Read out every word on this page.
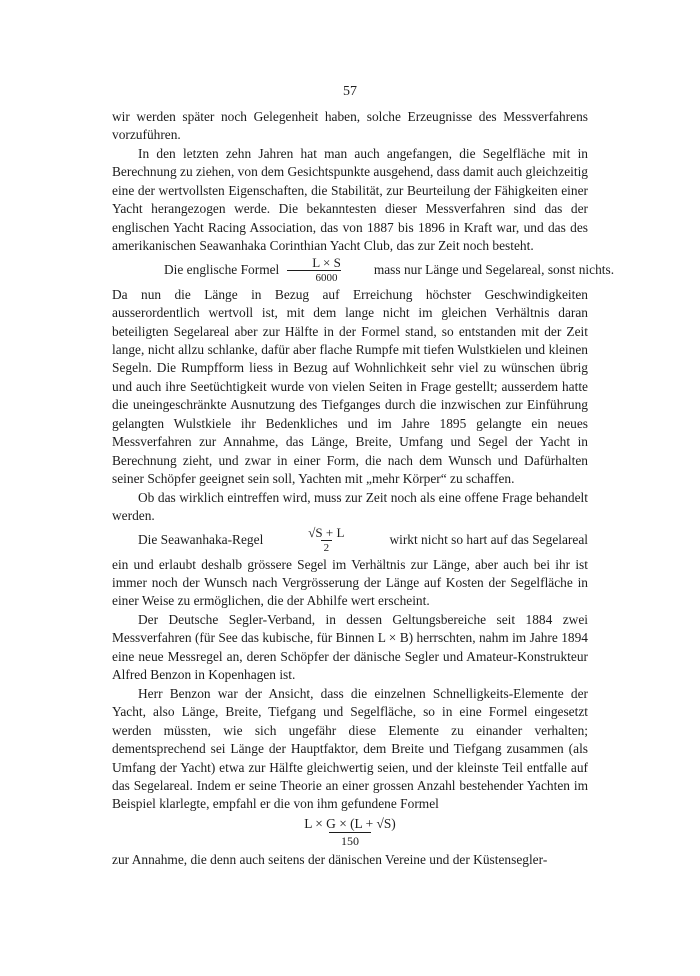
57

wir werden später noch Gelegenheit haben, solche Erzeugnisse des Messverfahrens vorzuführen.

In den letzten zehn Jahren hat man auch angefangen, die Segelfläche mit in Berechnung zu ziehen, von dem Gesichtspunkte ausgehend, dass damit auch gleichzeitig eine der wertvollsten Eigenschaften, die Stabilität, zur Beurteilung der Fähigkeiten einer Yacht herangezogen werde. Die bekanntesten dieser Messverfahren sind das der englischen Yacht Racing Association, das von 1887 bis 1896 in Kraft war, und das des amerikanischen Seawanhaka Corinthian Yacht Club, das zur Zeit noch besteht.

Die englische Formel $\frac{L \times S}{6000}$	mass nur Länge und Segelareal, sonst nichts.

Da nun die Länge in Bezug auf Erreichung höchster Geschwindigkeiten ausserordentlich wertvoll ist, mit dem lange nicht im gleichen Verhältnis daran beteiligten Segelareal aber zur Hälfte in der Formel stand, so entstanden mit der Zeit lange, nicht allzu schlanke, dafür aber flache Rumpfe mit tiefen Wulstkielen und kleinen Segeln. Die Rumpfform liess in Bezug auf Wohnlichkeit sehr viel zu wünschen übrig und auch ihre Seetüchtigkeit wurde von vielen Seiten in Frage gestellt; ausserdem hatte die uneingeschränkte Ausnutzung des Tiefganges durch die inzwischen zur Einführung gelangten Wulstkiele ihr Bedenkliches und im Jahre 1895 gelangte ein neues Messverfahren zur Annahme, das Länge, Breite, Umfang und Segel der Yacht in Berechnung zieht, und zwar in einer Form, die nach dem Wunsch und Dafürhalten seiner Schöpfer geeignet sein soll, Yachten mit „mehr Körper“ zu schaffen.

Ob das wirklich eintreffen wird, muss zur Zeit noch als eine offene Frage behandelt werden.

Die Seawanhaka-Regel	$\frac{√S + L}{2}$	wirkt nicht so hart auf das Segelareal

ein und erlaubt deshalb grössere Segel im Verhältnis zur Länge, aber auch bei ihr ist immer noch der Wunsch nach Vergrösserung der Länge auf Kosten der Segelfläche in einer Weise zu ermöglichen, die der Abhilfe wert erscheint.

Der Deutsche Segler-Verband, in dessen Geltungsbereiche seit 1884 zwei Messverfahren (für See das kubische, für Binnen L × B) herrschten, nahm im Jahre 1894 eine neue Messregel an, deren Schöpfer der dänische Segler und Amateur-Konstrukteur Alfred Benzon in Kopenhagen ist.

Herr Benzon war der Ansicht, dass die einzelnen Schnelligkeits-Elemente der Yacht, also Länge, Breite, Tiefgang und Segelfläche, so in eine Formel eingesetzt werden müssten, wie sich ungefähr diese Elemente zu einander verhalten; dementsprechend sei Länge der Hauptfaktor, dem Breite und Tiefgang zusammen (als Umfang der Yacht) etwa zur Hälfte gleichwertig seien, und der kleinste Teil entfalle auf das Segelareal. Indem er seine Theorie an einer grossen Anzahl bestehender Yachten im Beispiel klarlegte, empfahl er die von ihm gefundene Formel

$\frac{L \times G \times (L + √S)}{150}$

zur Annahme, die denn auch seitens der dänischen Vereine und der Küstensegler-
